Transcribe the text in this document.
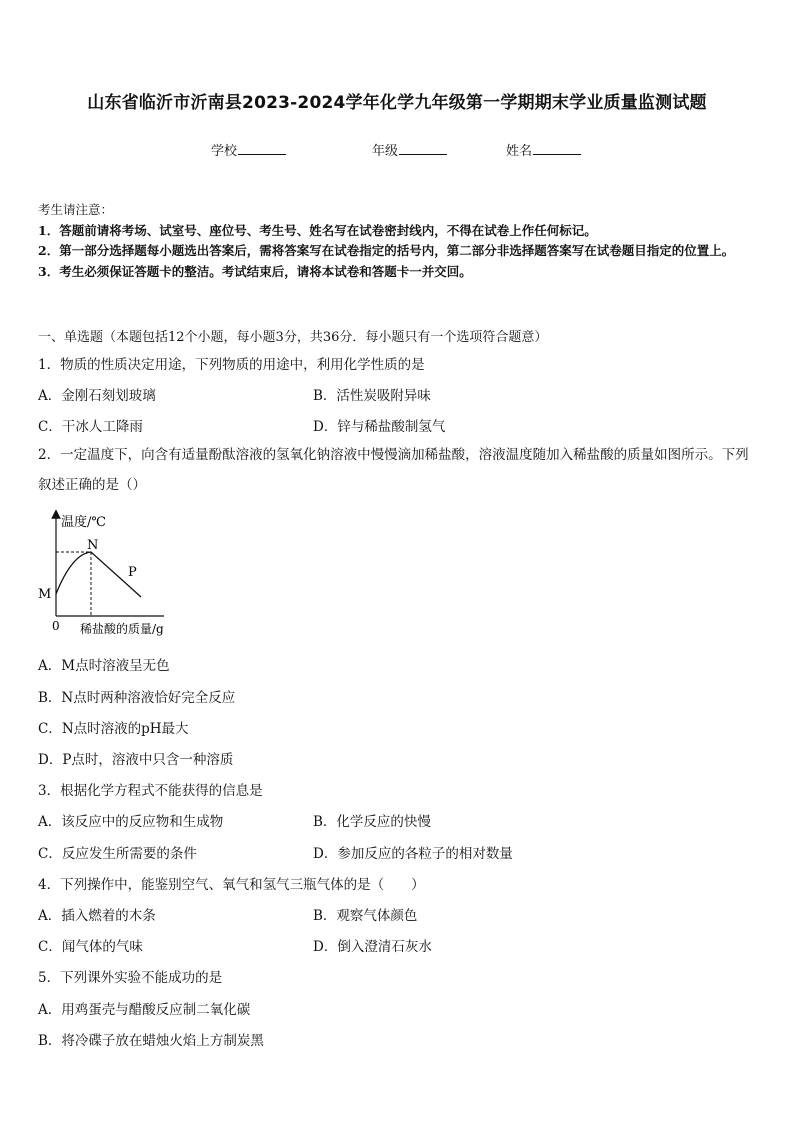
山东省临沂市沂南县2023-2024学年化学九年级第一学期期末学业质量监测试题
学校	年级	姓名
考生请注意：
1．答题前请将考场、试室号、座位号、考生号、姓名写在试卷密封线内，不得在试卷上作任何标记。
2．第一部分选择题每小题选出答案后，需将答案写在试卷指定的括号内，第二部分非选择题答案写在试卷题目指定的位置上。
3．考生必须保证答题卡的整洁。考试结束后，请将本试卷和答题卡一并交回。
一、单选题（本题包括12个小题，每小题3分，共36分．每小题只有一个选项符合题意）
1．物质的性质决定用途，下列物质的用途中，利用化学性质的是
A．金刚石刻划玻璃	B．活性炭吸附异味
C．干冰人工降雨	D．锌与稀盐酸制氢气
2．一定温度下，向含有适量酚酞溶液的氢氧化钠溶液中慢慢滴加稀盐酸，溶液温度随加入稀盐酸的质量如图所示。下列叙述正确的是（）
温度/℃
N
P
M
0 稀盐酸的质量/g
A．M点时溶液呈无色
B．N点时两种溶液恰好完全反应
C．N点时溶液的pH最大
D．P点时，溶液中只含一种溶质
3．根据化学方程式不能获得的信息是
A．该反应中的反应物和生成物	B．化学反应的快慢
C．反应发生所需要的条件	D．参加反应的各粒子的相对数量
4．下列操作中，能鉴别空气、氧气和氢气三瓶气体的是（　　）
A．插入燃着的木条	B．观察气体颜色
C．闻气体的气味	D．倒入澄清石灰水
5．下列课外实验不能成功的是
A．用鸡蛋壳与醋酸反应制二氧化碳
B．将冷碟子放在蜡烛火焰上方制炭黑
